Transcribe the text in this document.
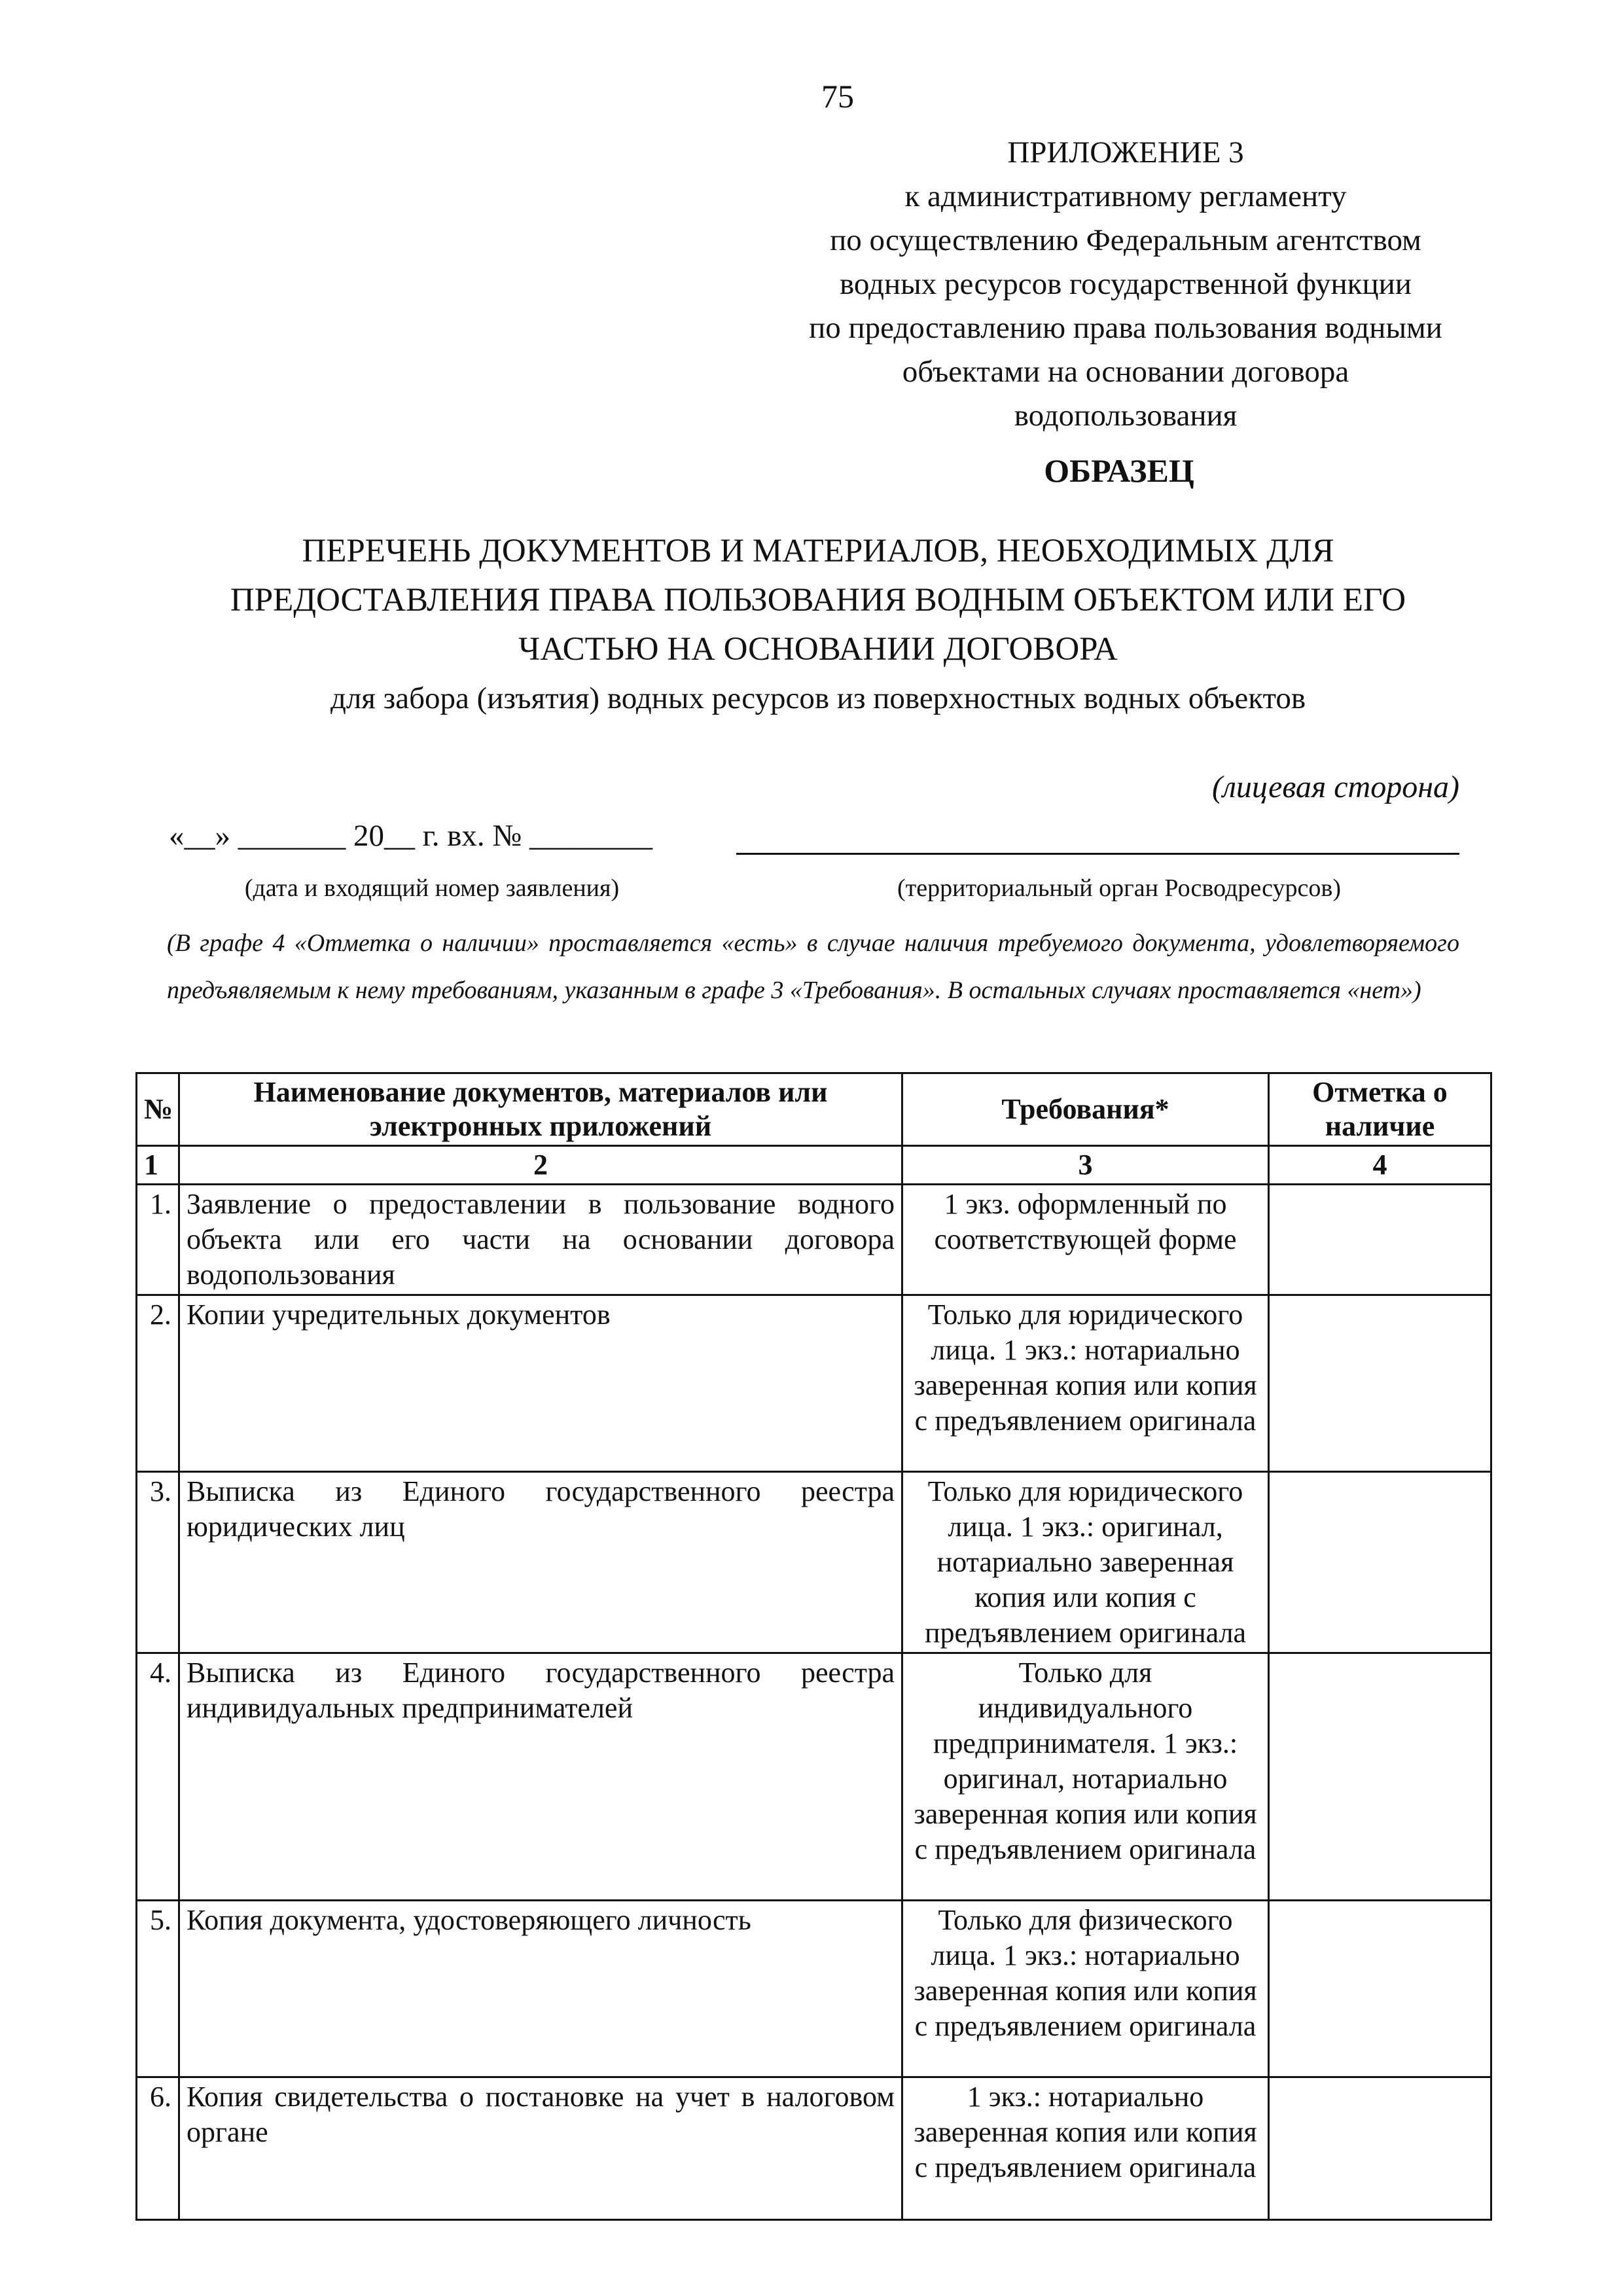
75
ПРИЛОЖЕНИЕ 3
к административному регламенту
по осуществлению Федеральным агентством
водных ресурсов государственной функции
по предоставлению права пользования водными
объектами на основании договора
водопользования
ОБРАЗЕЦ
ПЕРЕЧЕНЬ ДОКУМЕНТОВ И МАТЕРИАЛОВ, НЕОБХОДИМЫХ ДЛЯ
ПРЕДОСТАВЛЕНИЯ ПРАВА ПОЛЬЗОВАНИЯ ВОДНЫМ ОБЪЕКТОМ ИЛИ ЕГО
ЧАСТЬЮ НА ОСНОВАНИИ ДОГОВОРА
для забора (изъятия) водных ресурсов из поверхностных водных объектов
(лицевая сторона)
«__» _______ 20__ г. вх. № ________
(дата и входящий номер заявления)	(территориальный орган Росводресурсов)
(В графе 4 «Отметка о наличии» проставляется «есть» в случае наличия требуемого документа, удовлетворяемого предъявляемым к нему требованиям, указанным в графе 3 «Требования». В остальных случаях проставляется «нет»)
№	Наименование документов, материалов или электронных приложений	Требования*	Отметка о наличие
1	2	3	4
1.	Заявление о предоставлении в пользование водного объекта или его части на основании договора водопользования	1 экз. оформленный по соответствующей форме	
2.	Копии учредительных документов	Только для юридического лица. 1 экз.: нотариально заверенная копия или копия с предъявлением оригинала	
3.	Выписка из Единого государственного реестра юридических лиц	Только для юридического лица. 1 экз.: оригинал, нотариально заверенная копия или копия с предъявлением оригинала	
4.	Выписка из Единого государственного реестра индивидуальных предпринимателей	Только для индивидуального предпринимателя. 1 экз.: оригинал, нотариально заверенная копия или копия с предъявлением оригинала	
5.	Копия документа, удостоверяющего личность	Только для физического лица. 1 экз.: нотариально заверенная копия или копия с предъявлением оригинала	
6.	Копия свидетельства о постановке на учет в налоговом органе	1 экз.: нотариально заверенная копия или копия с предъявлением оригинала	
